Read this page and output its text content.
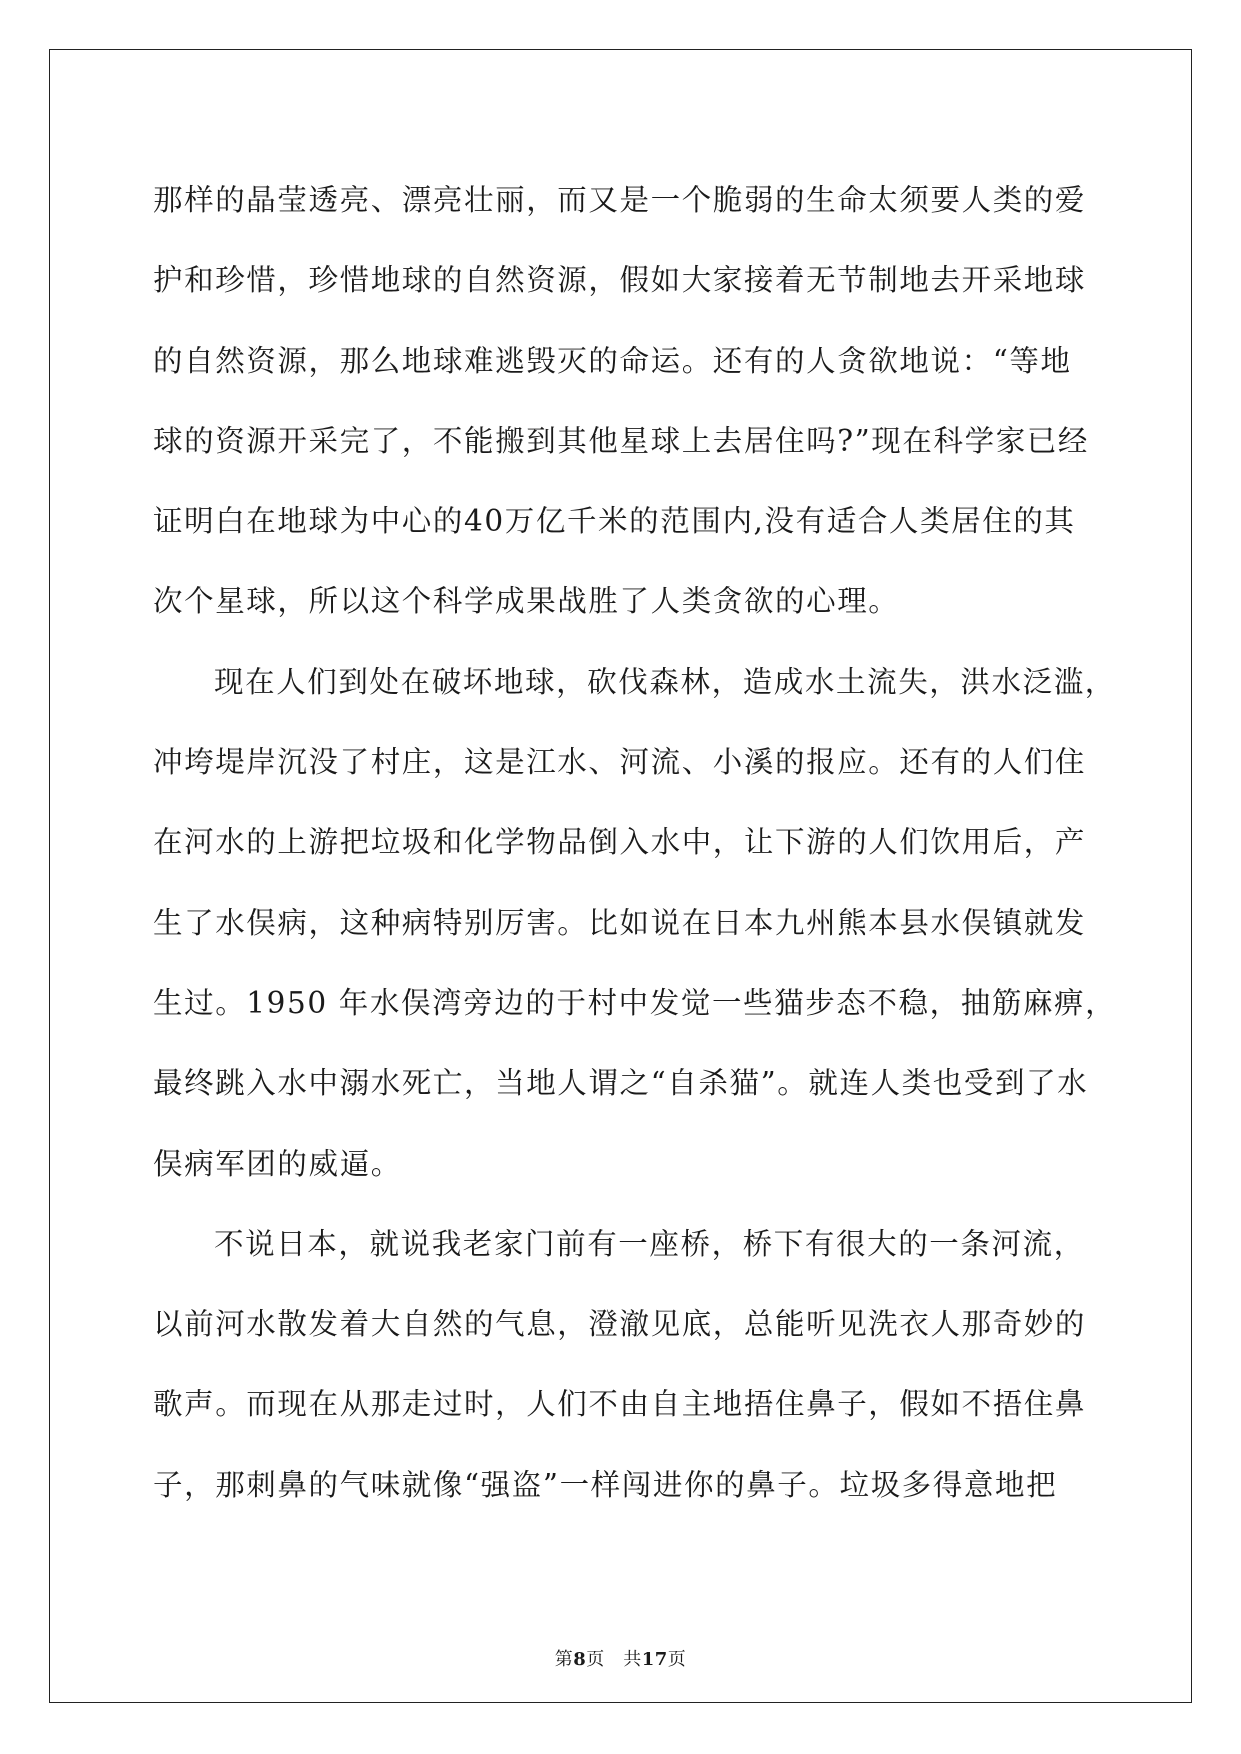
那样的晶莹透亮、漂亮壮丽，而又是一个脆弱的生命太须要人类的爱
护和珍惜，珍惜地球的自然资源，假如大家接着无节制地去开采地球
的自然资源，那么地球难逃毁灭的命运。还有的人贪欲地说：“等地
球的资源开采完了，不能搬到其他星球上去居住吗?”现在科学家已经
证明白在地球为中心的40万亿千米的范围内,没有适合人类居住的其
次个星球，所以这个科学成果战胜了人类贪欲的心理。
现在人们到处在破坏地球，砍伐森林，造成水土流失，洪水泛滥，
冲垮堤岸沉没了村庄，这是江水、河流、小溪的报应。还有的人们住
在河水的上游把垃圾和化学物品倒入水中，让下游的人们饮用后，产
生了水俣病，这种病特别厉害。比如说在日本九州熊本县水俣镇就发
生过。1950 年水俣湾旁边的于村中发觉一些猫步态不稳，抽筋麻痹，
最终跳入水中溺水死亡，当地人谓之“自杀猫”。就连人类也受到了水
俣病军团的威逼。
不说日本，就说我老家门前有一座桥，桥下有很大的一条河流，
以前河水散发着大自然的气息，澄澈见底，总能听见洗衣人那奇妙的
歌声。而现在从那走过时，人们不由自主地捂住鼻子，假如不捂住鼻
子，那刺鼻的气味就像“强盗”一样闯进你的鼻子。垃圾多得意地把
第8页　共17页
